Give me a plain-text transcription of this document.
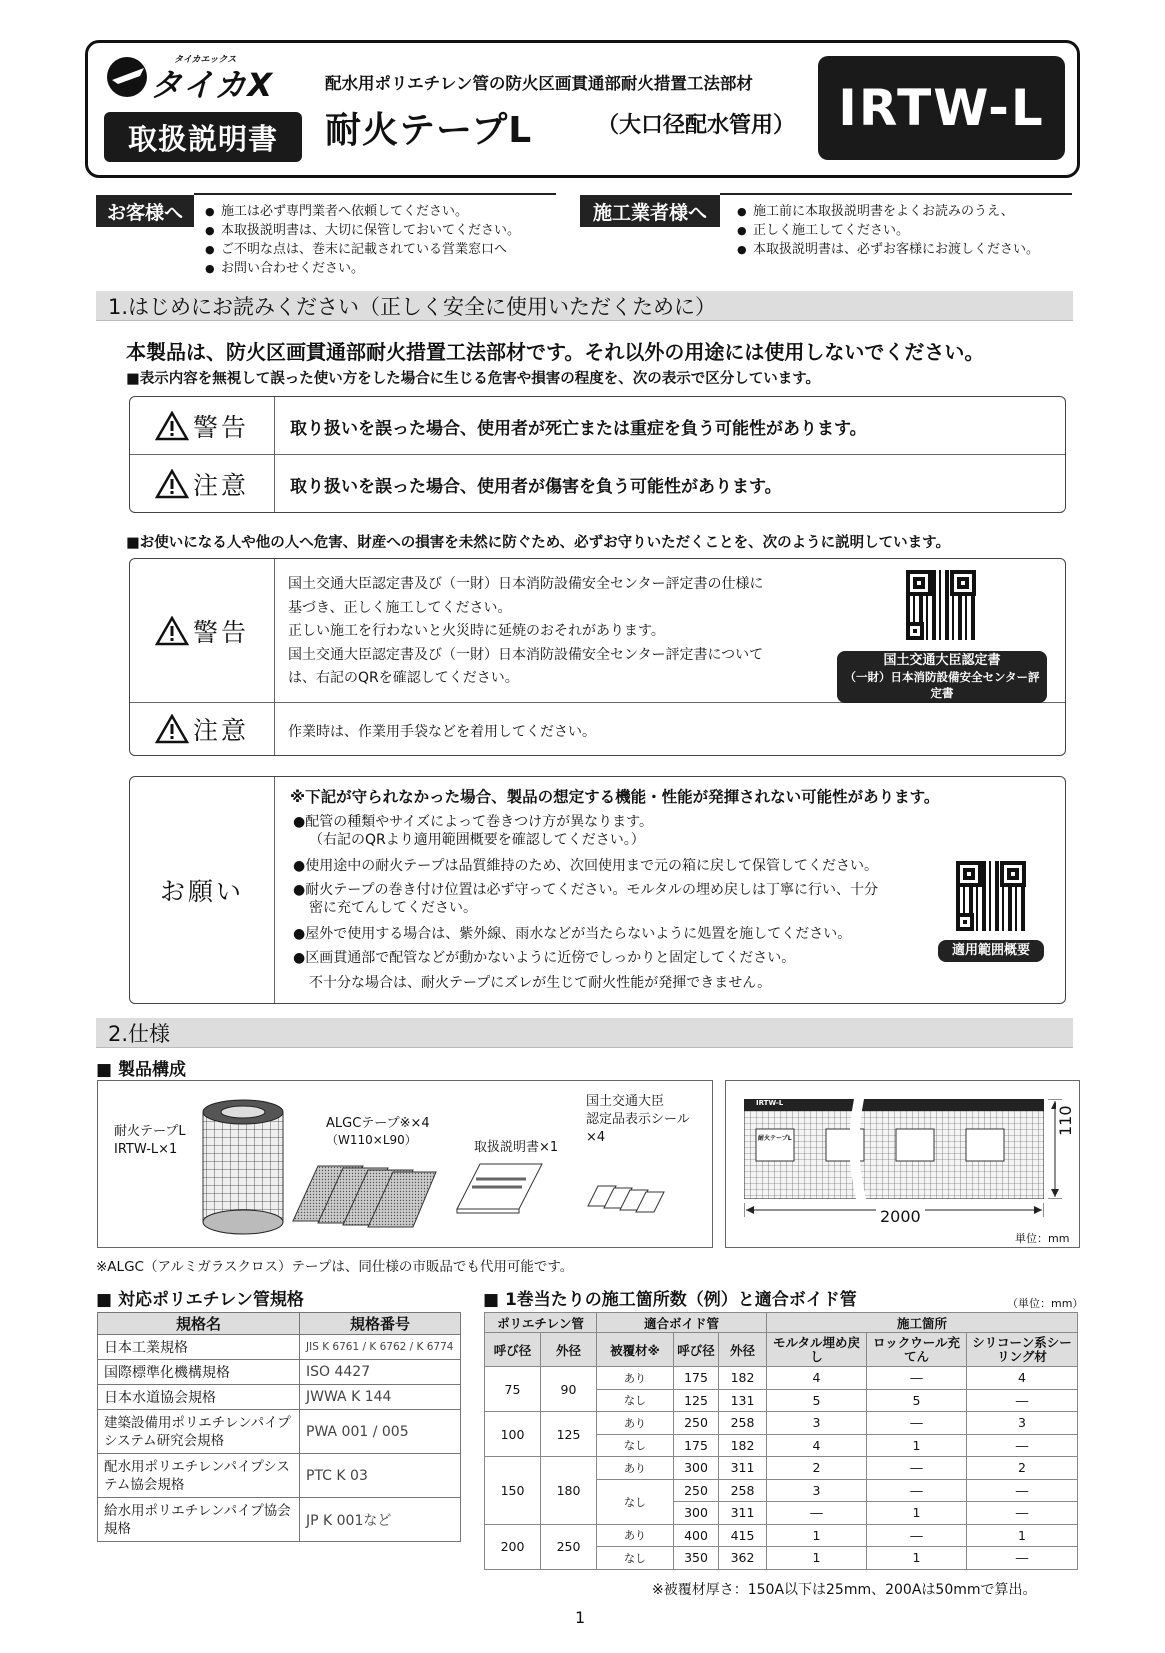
タイカエックス
タイカX
取扱説明書
配水用ポリエチレン管の防火区画貫通部耐火措置工法部材
耐火テープL	（大口径配水管用） IRTW-L
お客様へ	● 施工は必ず専門業者へ依頼してください。
● 本取扱説明書は、大切に保管しておいてください。
● ご不明な点は、巻末に記載されている営業窓口へ
● お問い合わせください。
施工業者様へ	● 施工前に本取扱説明書をよくお読みのうえ、
● 正しく施工してください。
● 本取扱説明書は、必ずお客様にお渡しください。
1.はじめにお読みください（正しく安全に使用いただくために）
本製品は、防火区画貫通部耐火措置工法部材です。それ以外の用途には使用しないでください。
■表示内容を無視して誤った使い方をした場合に生じる危害や損害の程度を、次の表示で区分しています。
警告 取り扱いを誤った場合、使用者が死亡または重症を負う可能性があります。
注意 取り扱いを誤った場合、使用者が傷害を負う可能性があります。
■お使いになる人や他の人へ危害、財産への損害を未然に防ぐため、必ずお守りいただくことを、次のように説明しています。
警告
国土交通大臣認定書及び（一財）日本消防設備安全センター評定書の仕様に
基づき、正しく施工してください。
正しい施工を行わないと火災時に延焼のおそれがあります。
国土交通大臣認定書及び（一財）日本消防設備安全センター評定書について
は、右記のQRを確認してください。
国土交通大臣認定書
（一財）日本消防設備安全センター評定書
注意	作業時は、作業用手袋などを着用してください。
お願い
※下記が守られなかった場合、製品の想定する機能・性能が発揮されない可能性があります。
●配管の種類やサイズによって巻きつけ方が異なります。
（右記のQRより適用範囲概要を確認してください。）
●使用途中の耐火テープは品質維持のため、次回使用まで元の箱に戻して保管してください。
●耐火テープの巻き付け位置は必ず守ってください。モルタルの埋め戻しは丁寧に行い、十分
密に充てんしてください。
●屋外で使用する場合は、紫外線、雨水などが当たらないように処置を施してください。
●区画貫通部で配管などが動かないように近傍でしっかりと固定してください。
不十分な場合は、耐火テープにズレが生じて耐火性能が発揮できません。
適用範囲概要
2.仕様
■ 製品構成
耐火テープL
IRTW-L×1
ALGCテープ※×4
（W110×L90）	取扱説明書×1
国土交通大臣
認定品表示シール
×4
IRTW-L
耐火テープL
2000
110
単位：mm
※ALGC（アルミガラスクロス）テープは、同仕様の市販品でも代用可能です。
■ 対応ポリエチレン管規格
規格名	規格番号
日本工業規格	JIS K 6761 / K 6762 / K 6774
国際標準化機構規格	ISO 4427
日本水道協会規格	JWWA K 144
建築設備用ポリエチレンパイプシステム研究会規格	PWA 001 / 005
配水用ポリエチレンパイプシステム協会規格	PTC K 03
給水用ポリエチレンパイプ協会規格	JP K 001など
■ 1巻当たりの施工箇所数（例）と適合ボイド管	（単位：mm）
ポリエチレン管		適合ボイド管			施工箇所		
呼び径	外径	被覆材※	呼び径	外径	モルタル埋め戻し	ロックウール充てん	シリコーン系シーリング材
75	90	あり	175	182	4	―	4
		なし	125	131	5	5	―
100	125	あり	250	258	3	―	3
		なし	175	182	4	1	―
150	180	あり	300	311	2	―	2
		なし	250	258	3	―	―
			300	311	―	1	―
200	250	あり	400	415	1	―	1
		なし	350	362	1	1	―
※被覆材厚さ：150A以下は25mm、200Aは50mmで算出。
1
